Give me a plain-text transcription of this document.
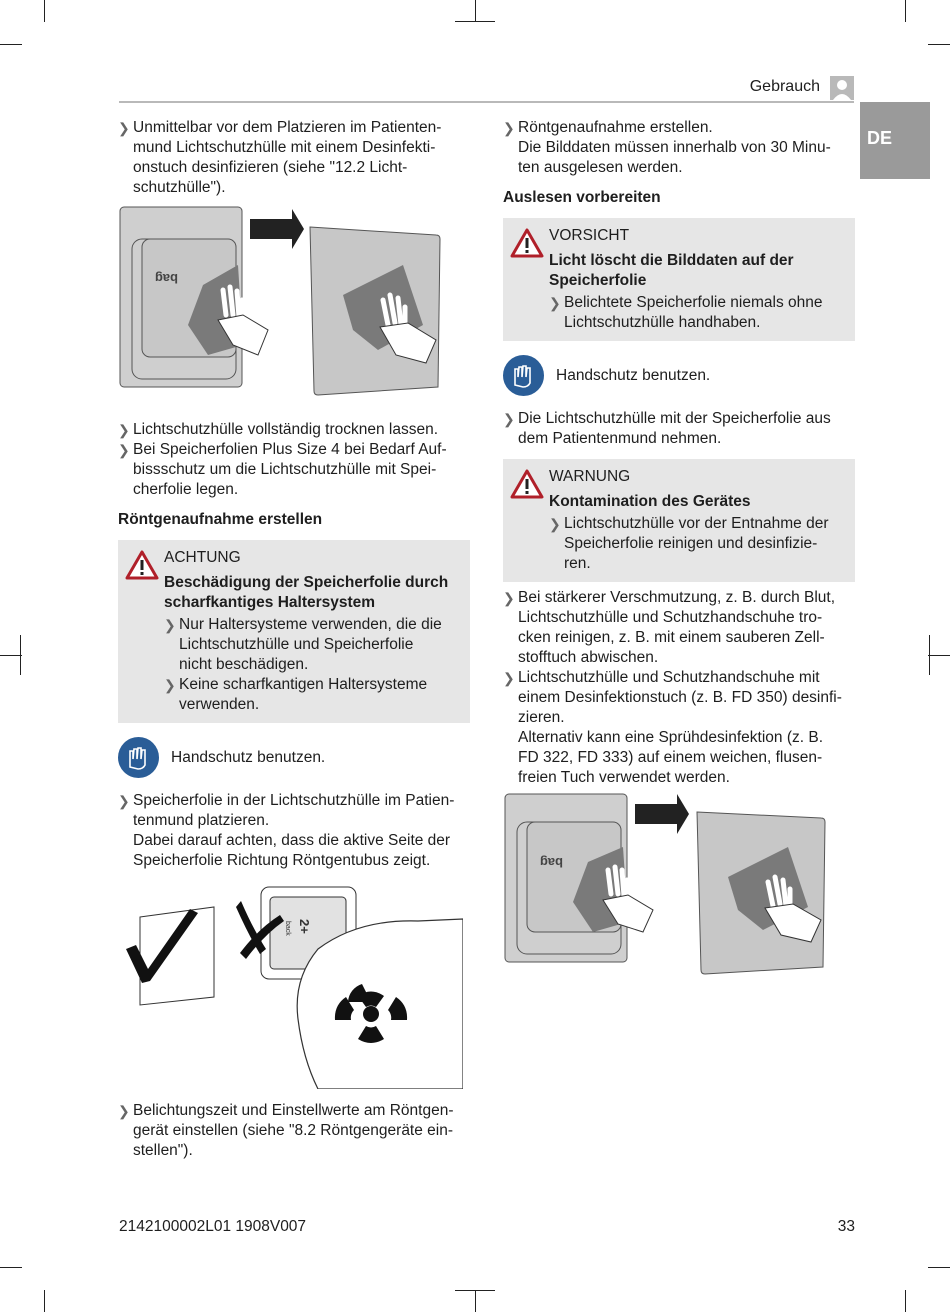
Gebrauch
DE
❯ Unmittelbar vor dem Platzieren im Patienten-
mund Lichtschutzhülle mit einem Desinfekti-
onstuch desinfizieren (siehe "12.2 Licht-
schutzhülle").
bag
❯ Lichtschutzhülle vollständig trocknen lassen.
❯ Bei Speicherfolien Plus Size 4 bei Bedarf Auf-
bissschutz um die Lichtschutzhülle mit Spei-
cherfolie legen.
Röntgenaufnahme erstellen
ACHTUNG
Beschädigung der Speicherfolie durch
scharfkantiges Haltersystem
❯ Nur Haltersysteme verwenden, die die
Lichtschutzhülle und Speicherfolie
nicht beschädigen.
❯ Keine scharfkantigen Haltersysteme
verwenden.
Handschutz benutzen.
❯ Speicherfolie in der Lichtschutzhülle im Patien-
tenmund platzieren.
Dabei darauf achten, dass die aktive Seite der
Speicherfolie Richtung Röntgentubus zeigt.
2+
back
❯ Belichtungszeit und Einstellwerte am Röntgen-
gerät einstellen (siehe "8.2 Röntgengeräte ein-
stellen").
❯ Röntgenaufnahme erstellen.
Die Bilddaten müssen innerhalb von 30 Minu-
ten ausgelesen werden.
Auslesen vorbereiten
VORSICHT
Licht löscht die Bilddaten auf der
Speicherfolie
❯ Belichtete Speicherfolie niemals ohne
Lichtschutzhülle handhaben.
Handschutz benutzen.
❯ Die Lichtschutzhülle mit der Speicherfolie aus
dem Patientenmund nehmen.
WARNUNG
Kontamination des Gerätes
❯ Lichtschutzhülle vor der Entnahme der
Speicherfolie reinigen und desinfizie-
ren.
❯ Bei stärkerer Verschmutzung, z. B. durch Blut,
Lichtschutzhülle und Schutzhandschuhe tro-
cken reinigen, z. B. mit einem sauberen Zell-
stofftuch abwischen.
❯ Lichtschutzhülle und Schutzhandschuhe mit
einem Desinfektionstuch (z. B. FD 350) desinfi-
zieren.
Alternativ kann eine Sprühdesinfektion (z. B.
FD 322, FD 333) auf einem weichen, flusen-
freien Tuch verwendet werden.
bag
2142100002L01 1908V007	33
